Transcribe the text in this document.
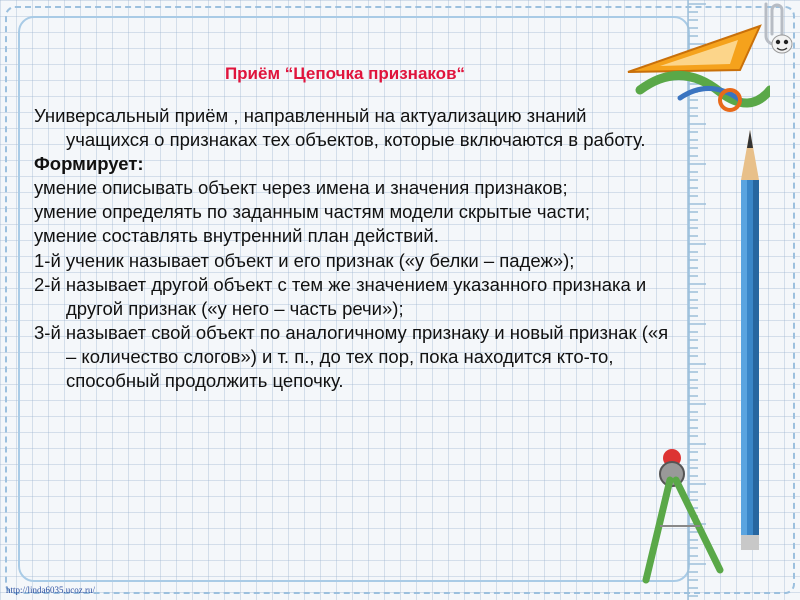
Приём “Цепочка признаков“
Универсальный приём , направленный на актуализацию знаний учащихся о признаках тех объектов, которые включаются в работу.
Формирует:
умение описывать объект через имена и значения признаков;
умение определять по заданным частям модели скрытые части;
умение составлять внутренний план действий.
1-й ученик называет объект и его признак («у белки – падеж»);
2-й называет другой объект с тем же значением указанного признака и другой признак («у него – часть речи»);
3-й называет свой объект по аналогичному признаку и новый признак («я – количество слогов») и т. п., до тех пор, пока находится кто-то, способный продолжить цепочку.
http://linda6035.ucoz.ru/
